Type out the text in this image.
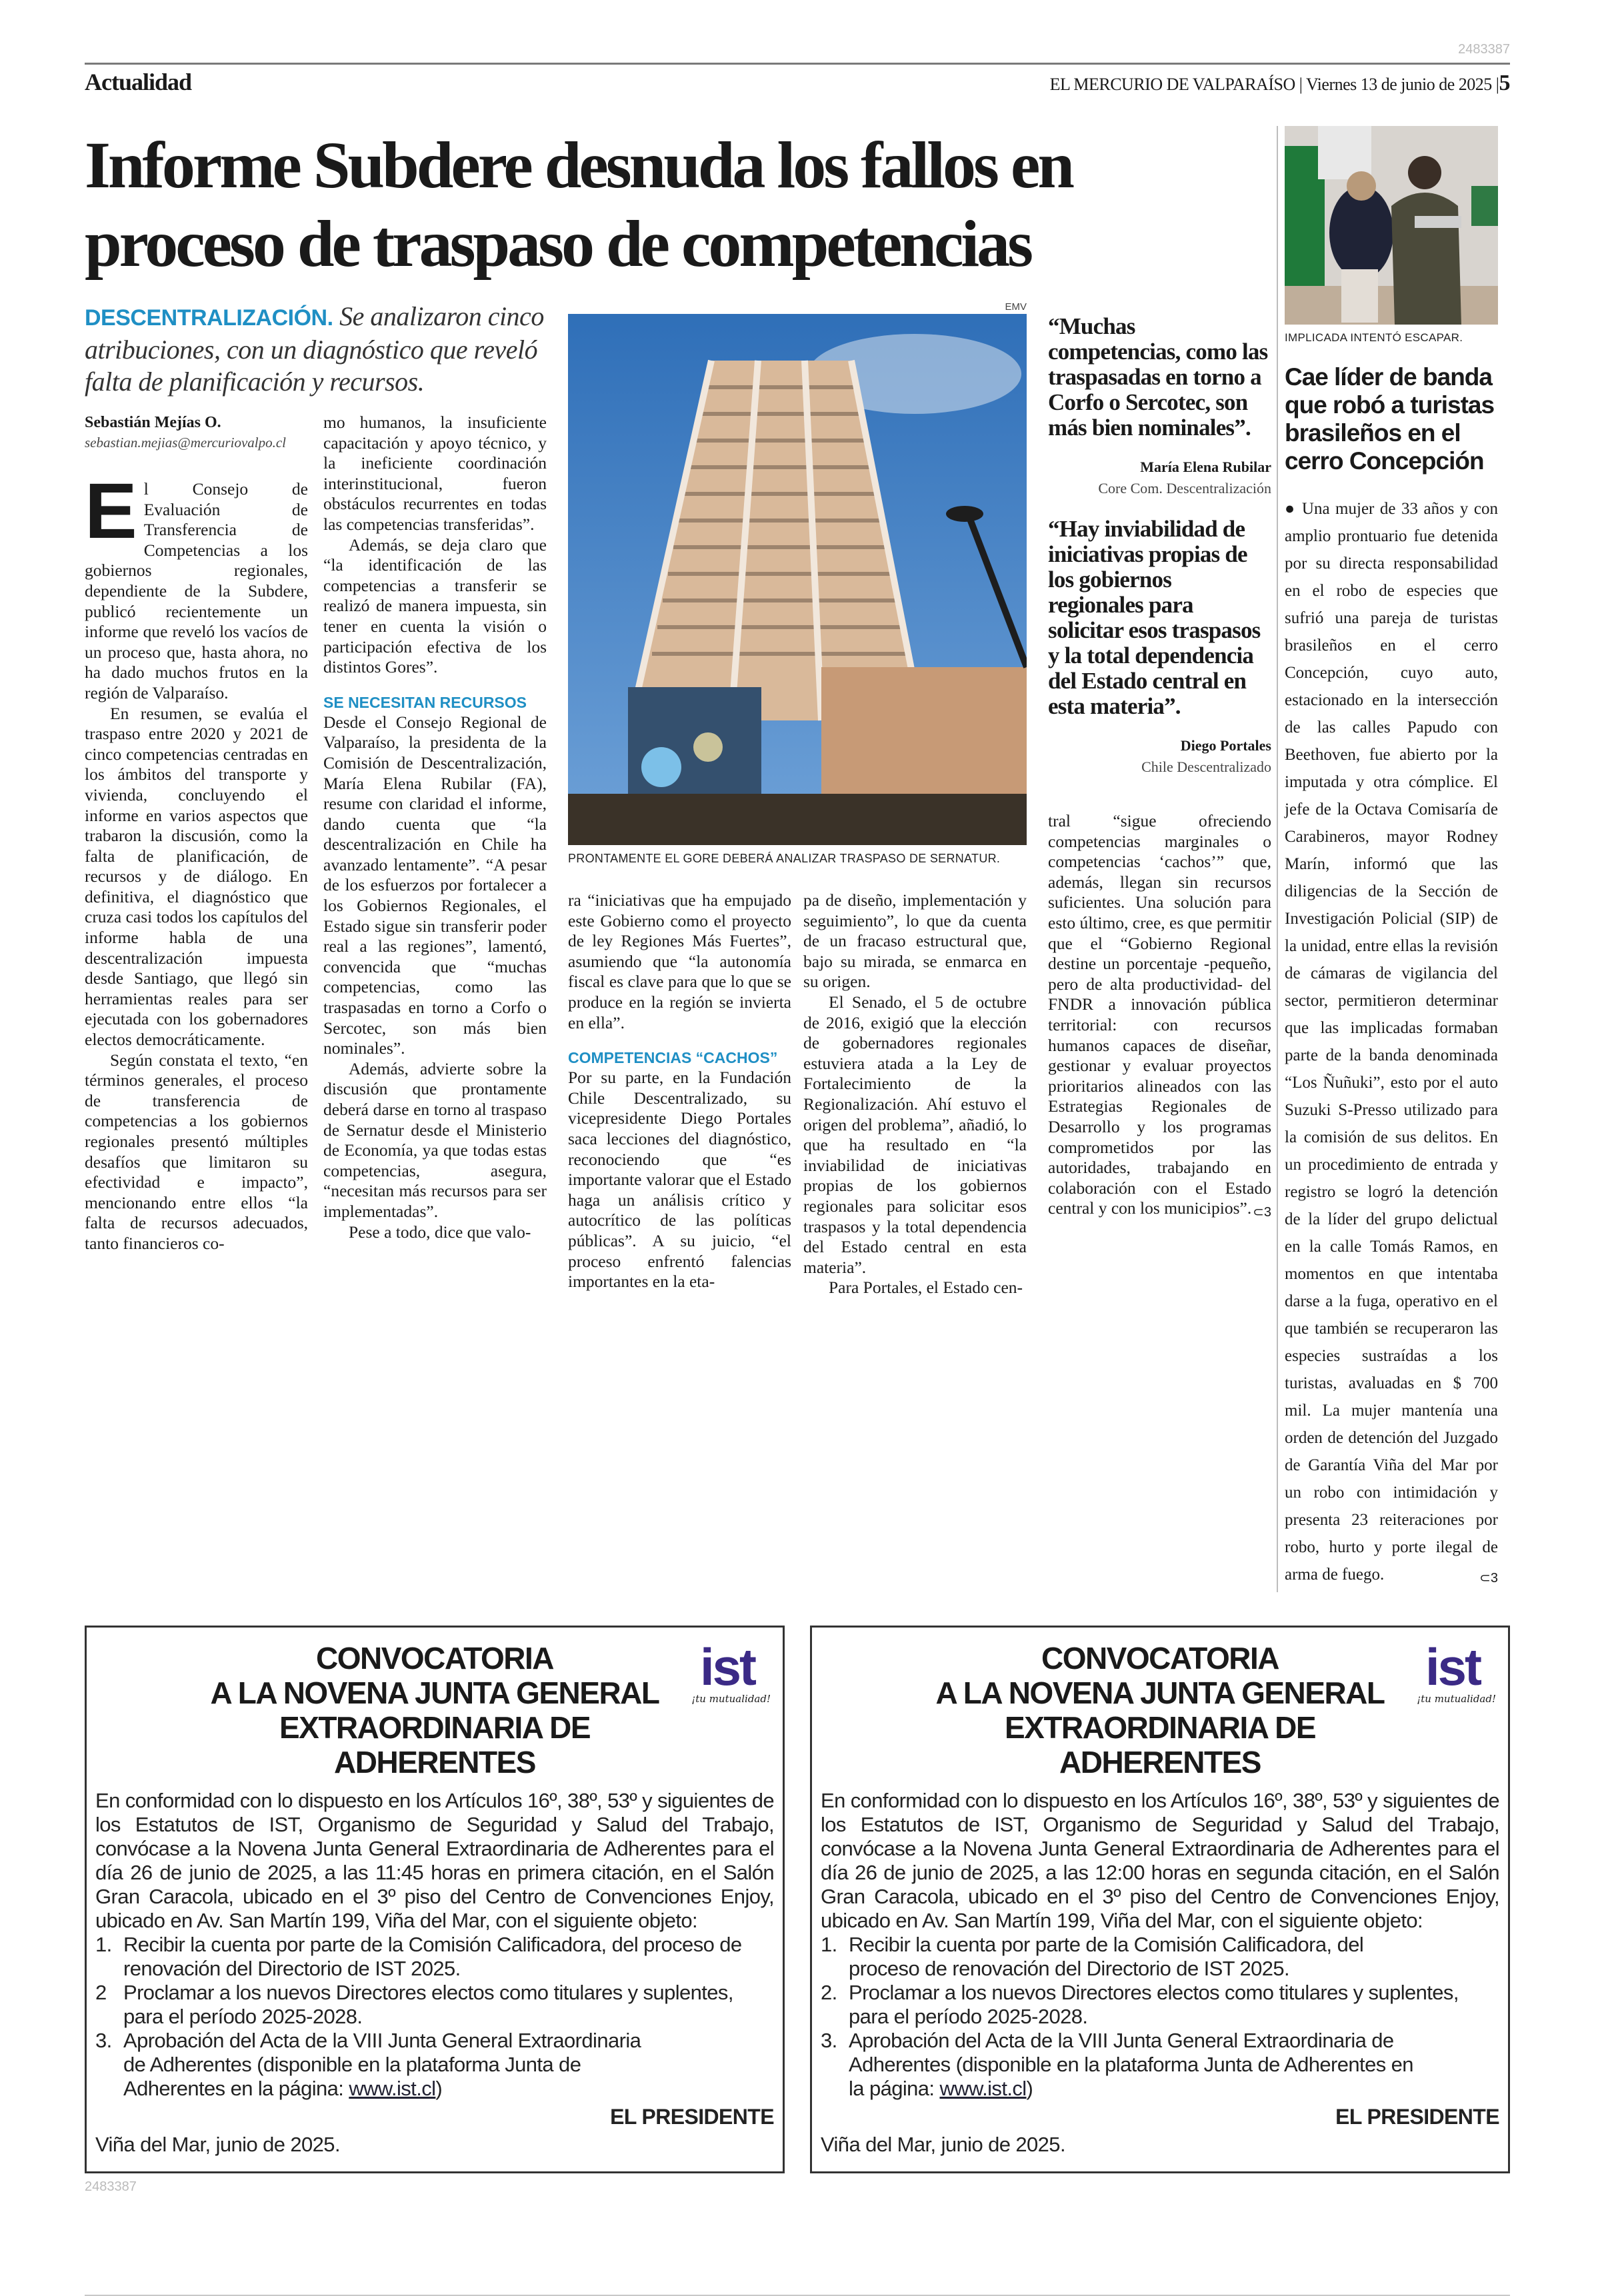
2483387
Actualidad	EL MERCURIO DE VALPARAÍSO | Viernes 13 de junio de 2025 |5
Informe Subdere desnuda los fallos en
proceso de traspaso de competencias
DESCENTRALIZACIÓN. Se analizaron cinco atribuciones, con un diagnóstico que reveló falta de planificación y recursos.
Sebastián Mejías O.
sebastian.mejias@mercuriovalpo.cl

El Consejo de Evaluación de Transferencia de Competencias a los gobiernos regionales, dependiente de la Subdere, publicó recientemente un informe que reveló los vacíos de un proceso que, hasta ahora, no ha dado muchos frutos en la región de Valparaíso.

En resumen, se evalúa el traspaso entre 2020 y 2021 de cinco competencias centradas en los ámbitos del transporte y vivienda, concluyendo el informe en varios aspectos que trabaron la discusión, como la falta de planificación, de recursos y de diálogo. En definitiva, el diagnóstico que cruza casi todos los capítulos del informe habla de una descentralización impuesta desde Santiago, que llegó sin herramientas reales para ser ejecutada con los gobernadores electos democráticamente.

Según constata el texto, “en términos generales, el proceso de transferencia de competencias a los gobiernos regionales presentó múltiples desafíos que limitaron su efectividad e impacto”, mencionando entre ellos “la falta de recursos adecuados, tanto financieros co-

mo humanos, la insuficiente capacitación y apoyo técnico, y la ineficiente coordinación interinstitucional, fueron obstáculos recurrentes en todas las competencias transferidas”.

Además, se deja claro que “la identificación de las competencias a transferir se realizó de manera impuesta, sin tener en cuenta la visión o participación efectiva de los distintos Gores”.

SE NECESITAN RECURSOS

Desde el Consejo Regional de Valparaíso, la presidenta de la Comisión de Descentralización, María Elena Rubilar (FA), resume con claridad el informe, dando cuenta que “la descentralización en Chile ha avanzado lentamente”. “A pesar de los esfuerzos por fortalecer a los Gobiernos Regionales, el Estado sigue sin transferir poder real a las regiones”, lamentó, convencida que “muchas competencias, como las traspasadas en torno a Corfo o Sercotec, son más bien nominales”.

Además, advierte sobre la discusión que prontamente deberá darse en torno al traspaso de Sernatur desde el Ministerio de Economía, ya que todas estas competencias, asegura, “necesitan más recursos para ser implementadas”.

Pese a todo, dice que valo-

EMV
PRONTAMENTE EL GORE DEBERÁ ANALIZAR TRASPASO DE SERNATUR.

ra “iniciativas que ha empujado este Gobierno como el proyecto de ley Regiones Más Fuertes”, asumiendo que “la autonomía fiscal es clave para que lo que se produce en la región se invierta en ella”.

COMPETENCIAS “CACHOS”

Por su parte, en la Fundación Chile Descentralizado, su vicepresidente Diego Portales saca lecciones del diagnóstico, reconociendo que “es importante valorar que el Estado haga un análisis crítico y autocrítico de las políticas públicas”. A su juicio, “el proceso enfrentó falencias importantes en la eta-

pa de diseño, implementación y seguimiento”, lo que da cuenta de un fracaso estructural que, bajo su mirada, se enmarca en su origen.

El Senado, el 5 de octubre de 2016, exigió que la elección de gobernadores regionales estuviera atada a la Ley de Fortalecimiento de la Regionalización. Ahí estuvo el origen del problema”, añadió, lo que ha resultado en “la inviabilidad de iniciativas propias de los gobiernos regionales para solicitar esos traspasos y la total dependencia del Estado central en esta materia”.

Para Portales, el Estado cen-

“Muchas competencias, como las traspasadas en torno a Corfo o Sercotec, son más bien nominales”.
María Elena Rubilar
Core Com. Descentralización
“Hay inviabilidad de iniciativas propias de los gobiernos regionales para solicitar esos traspasos y la total dependencia del Estado central en esta materia”.
Diego Portales
Chile Descentralizado

tral “sigue ofreciendo competencias marginales o competencias ‘cachos’” que, además, llegan sin recursos suficientes. Una solución para esto último, cree, es que permitir que el “Gobierno Regional destine un porcentaje -pequeño, pero de alta productividad- del FNDR a innovación pública territorial: con recursos humanos capaces de diseñar, gestionar y evaluar proyectos prioritarios alineados con las Estrategias Regionales de Desarrollo y los programas comprometidos por las autoridades, trabajando en colaboración con el Estado central y con los municipios”. ⊂3

IMPLICADA INTENTÓ ESCAPAR.
Cae líder de banda que robó a turistas brasileños en el cerro Concepción
● Una mujer de 33 años y con amplio prontuario fue detenida por su directa responsabilidad en el robo de especies que sufrió una pareja de turistas brasileños en el cerro Concepción, cuyo auto, estacionado en la intersección de las calles Papudo con Beethoven, fue abierto por la imputada y otra cómplice. El jefe de la Octava Comisaría de Carabineros, mayor Rodney Marín, informó que las diligencias de la Sección de Investigación Policial (SIP) de la unidad, entre ellas la revisión de cámaras de vigilancia del sector, permitieron determinar que las implicadas formaban parte de la banda denominada “Los Ñuñuki”, esto por el auto Suzuki S-Presso utilizado para la comisión de sus delitos. En un procedimiento de entrada y registro se logró la detención de la líder del grupo delictual en la calle Tomás Ramos, en momentos en que intentaba darse a la fuga, operativo en el que también se recuperaron las especies sustraídas a los turistas, avaluadas en $ 700 mil. La mujer mantenía una orden de detención del Juzgado de Garantía Viña del Mar por un robo con intimidación y presenta 23 reiteraciones por robo, hurto y porte ilegal de arma de fuego.	⊂3
CONVOCATORIA
A LA NOVENA JUNTA GENERAL
EXTRAORDINARIA DE ADHERENTES
ist
¡tu mutualidad!
En conformidad con lo dispuesto en los Artículos 16º, 38º, 53º y siguientes de los Estatutos de IST, Organismo de Seguridad y Salud del Trabajo, convócase a la Novena Junta General Extraordinaria de Adherentes para el día 26 de junio de 2025, a las 11:45 horas en primera citación, en el Salón Gran Caracola, ubicado en el 3º piso del Centro de Convenciones Enjoy, ubicado en Av. San Martín 199, Viña del Mar, con el siguiente objeto:
1. Recibir la cuenta por parte de la Comisión Calificadora, del proceso de renovación del Directorio de IST 2025.
2 Proclamar a los nuevos Directores electos como titulares y suplentes, para el período 2025-2028.
3. Aprobación del Acta de la VIII Junta General Extraordinaria de Adherentes (disponible en la plataforma Junta de Adherentes en la página: www.ist.cl)
EL PRESIDENTE
Viña del Mar, junio de 2025.
CONVOCATORIA
A LA NOVENA JUNTA GENERAL
EXTRAORDINARIA DE ADHERENTES
ist
¡tu mutualidad!
En conformidad con lo dispuesto en los Artículos 16º, 38º, 53º y siguientes de los Estatutos de IST, Organismo de Seguridad y Salud del Trabajo, convócase a la Novena Junta General Extraordinaria de Adherentes para el día 26 de junio de 2025, a las 12:00 horas en segunda citación, en el Salón Gran Caracola, ubicado en el 3º piso del Centro de Convenciones Enjoy, ubicado en Av. San Martín 199, Viña del Mar, con el siguiente objeto:
1. Recibir la cuenta por parte de la Comisión Calificadora, del proceso de renovación del Directorio de IST 2025.
2. Proclamar a los nuevos Directores electos como titulares y suplentes, para el período 2025-2028.
3. Aprobación del Acta de la VIII Junta General Extraordinaria de Adherentes (disponible en la plataforma Junta de Adherentes en la página: www.ist.cl)
EL PRESIDENTE
Viña del Mar, junio de 2025.
2483387
